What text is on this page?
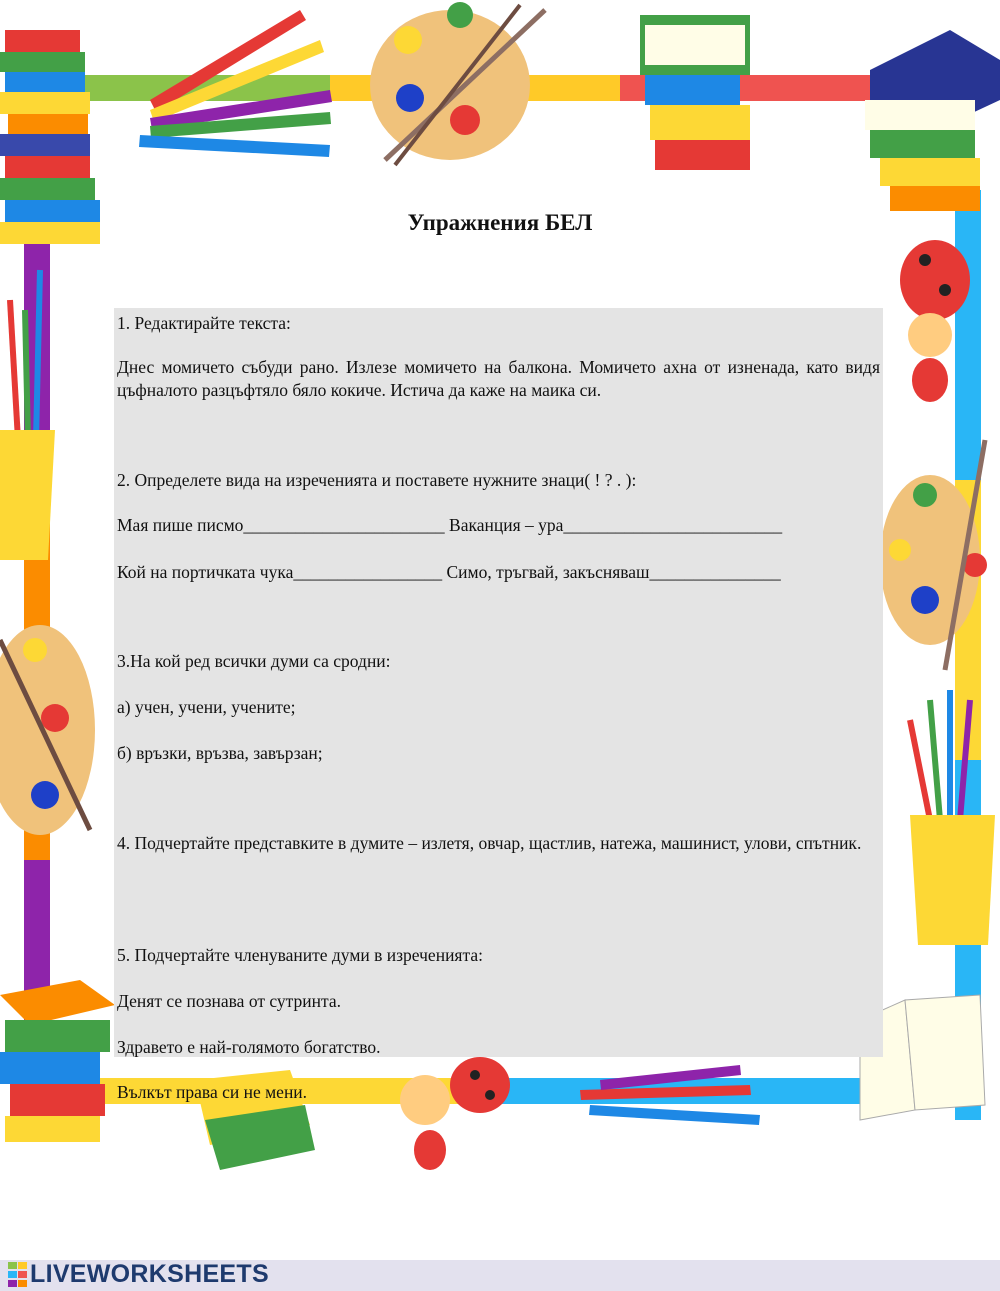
Упражнения БЕЛ
1. Редактирайте текста:
Днес момичето събуди рано. Излезе момичето на балкона. Момичето ахна от изненада, като видя цъфналото разцъфтяло бяло кокиче. Истича да каже на маика си.
2. Определете вида на изреченията и поставете нужните знаци( ! ? . ):
Мая пише писмо_______________________ Ваканция – ура_________________________
Кой на портичката чука_________________ Симо, тръгвай, закъсняваш_______________
3.На кой ред всички думи са сродни:
а) учен, учени, учените;
б) връзки, връзва, завързан;
4. Подчертайте представките в думите – излетя, овчар, щастлив, натежа, машинист, улови, спътник.
5. Подчертайте членуваните думи в изреченията:
Денят се познава от сутринта.
Здравето е най-голямото богатство.
Вълкът права си не мени.
LIVEWORKSHEETS
